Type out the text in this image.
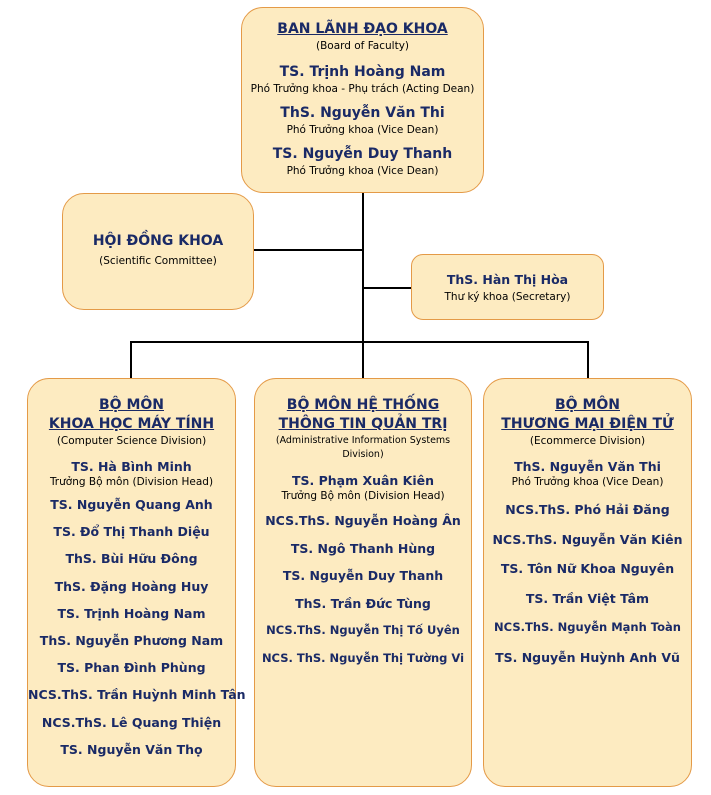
BAN LÃNH ĐẠO KHOA
(Board of Faculty)
TS. Trịnh Hoàng Nam
Phó Trưởng khoa - Phụ trách (Acting Dean)
ThS. Nguyễn Văn Thi
Phó Trưởng khoa (Vice Dean)
TS. Nguyễn Duy Thanh
Phó Trưởng khoa (Vice Dean)
HỘI ĐỒNG KHOA
(Scientific Committee)
ThS. Hàn Thị Hòa
Thư ký khoa (Secretary)
BỘ MÔN
KHOA HỌC MÁY TÍNH
(Computer Science Division)
TS. Hà Bình Minh
Trưởng Bộ môn (Division Head)
TS. Nguyễn Quang Anh
TS. Đổ Thị Thanh Diệu
ThS. Bùi Hữu Đông
ThS. Đặng Hoàng Huy
TS. Trịnh Hoàng Nam
ThS. Nguyễn Phương Nam
TS. Phan Đình Phùng
NCS.ThS. Trần Huỳnh Minh Tân
NCS.ThS. Lê Quang Thiện
TS. Nguyễn Văn Thọ
BỘ MÔN HỆ THỐNG
THÔNG TIN QUẢN TRỊ
(Administrative Information Systems Division)
TS. Phạm Xuân Kiên
Trưởng Bộ môn (Division Head)
NCS.ThS. Nguyễn Hoàng Ân
TS. Ngô Thanh Hùng
TS. Nguyễn Duy Thanh
ThS. Trần Đức Tùng
NCS.ThS. Nguyễn Thị Tố Uyên
NCS. ThS. Nguyễn Thị Tường Vi
BỘ MÔN
THƯƠNG MẠI ĐIỆN TỬ
(Ecommerce Division)
ThS. Nguyễn Văn Thi
Phó Trưởng khoa (Vice Dean)
NCS.ThS. Phó Hải Đăng
NCS.ThS. Nguyễn Văn Kiên
TS. Tôn Nữ Khoa Nguyên
TS. Trần Việt Tâm
NCS.ThS. Nguyễn Mạnh Toàn
TS. Nguyễn Huỳnh Anh Vũ
